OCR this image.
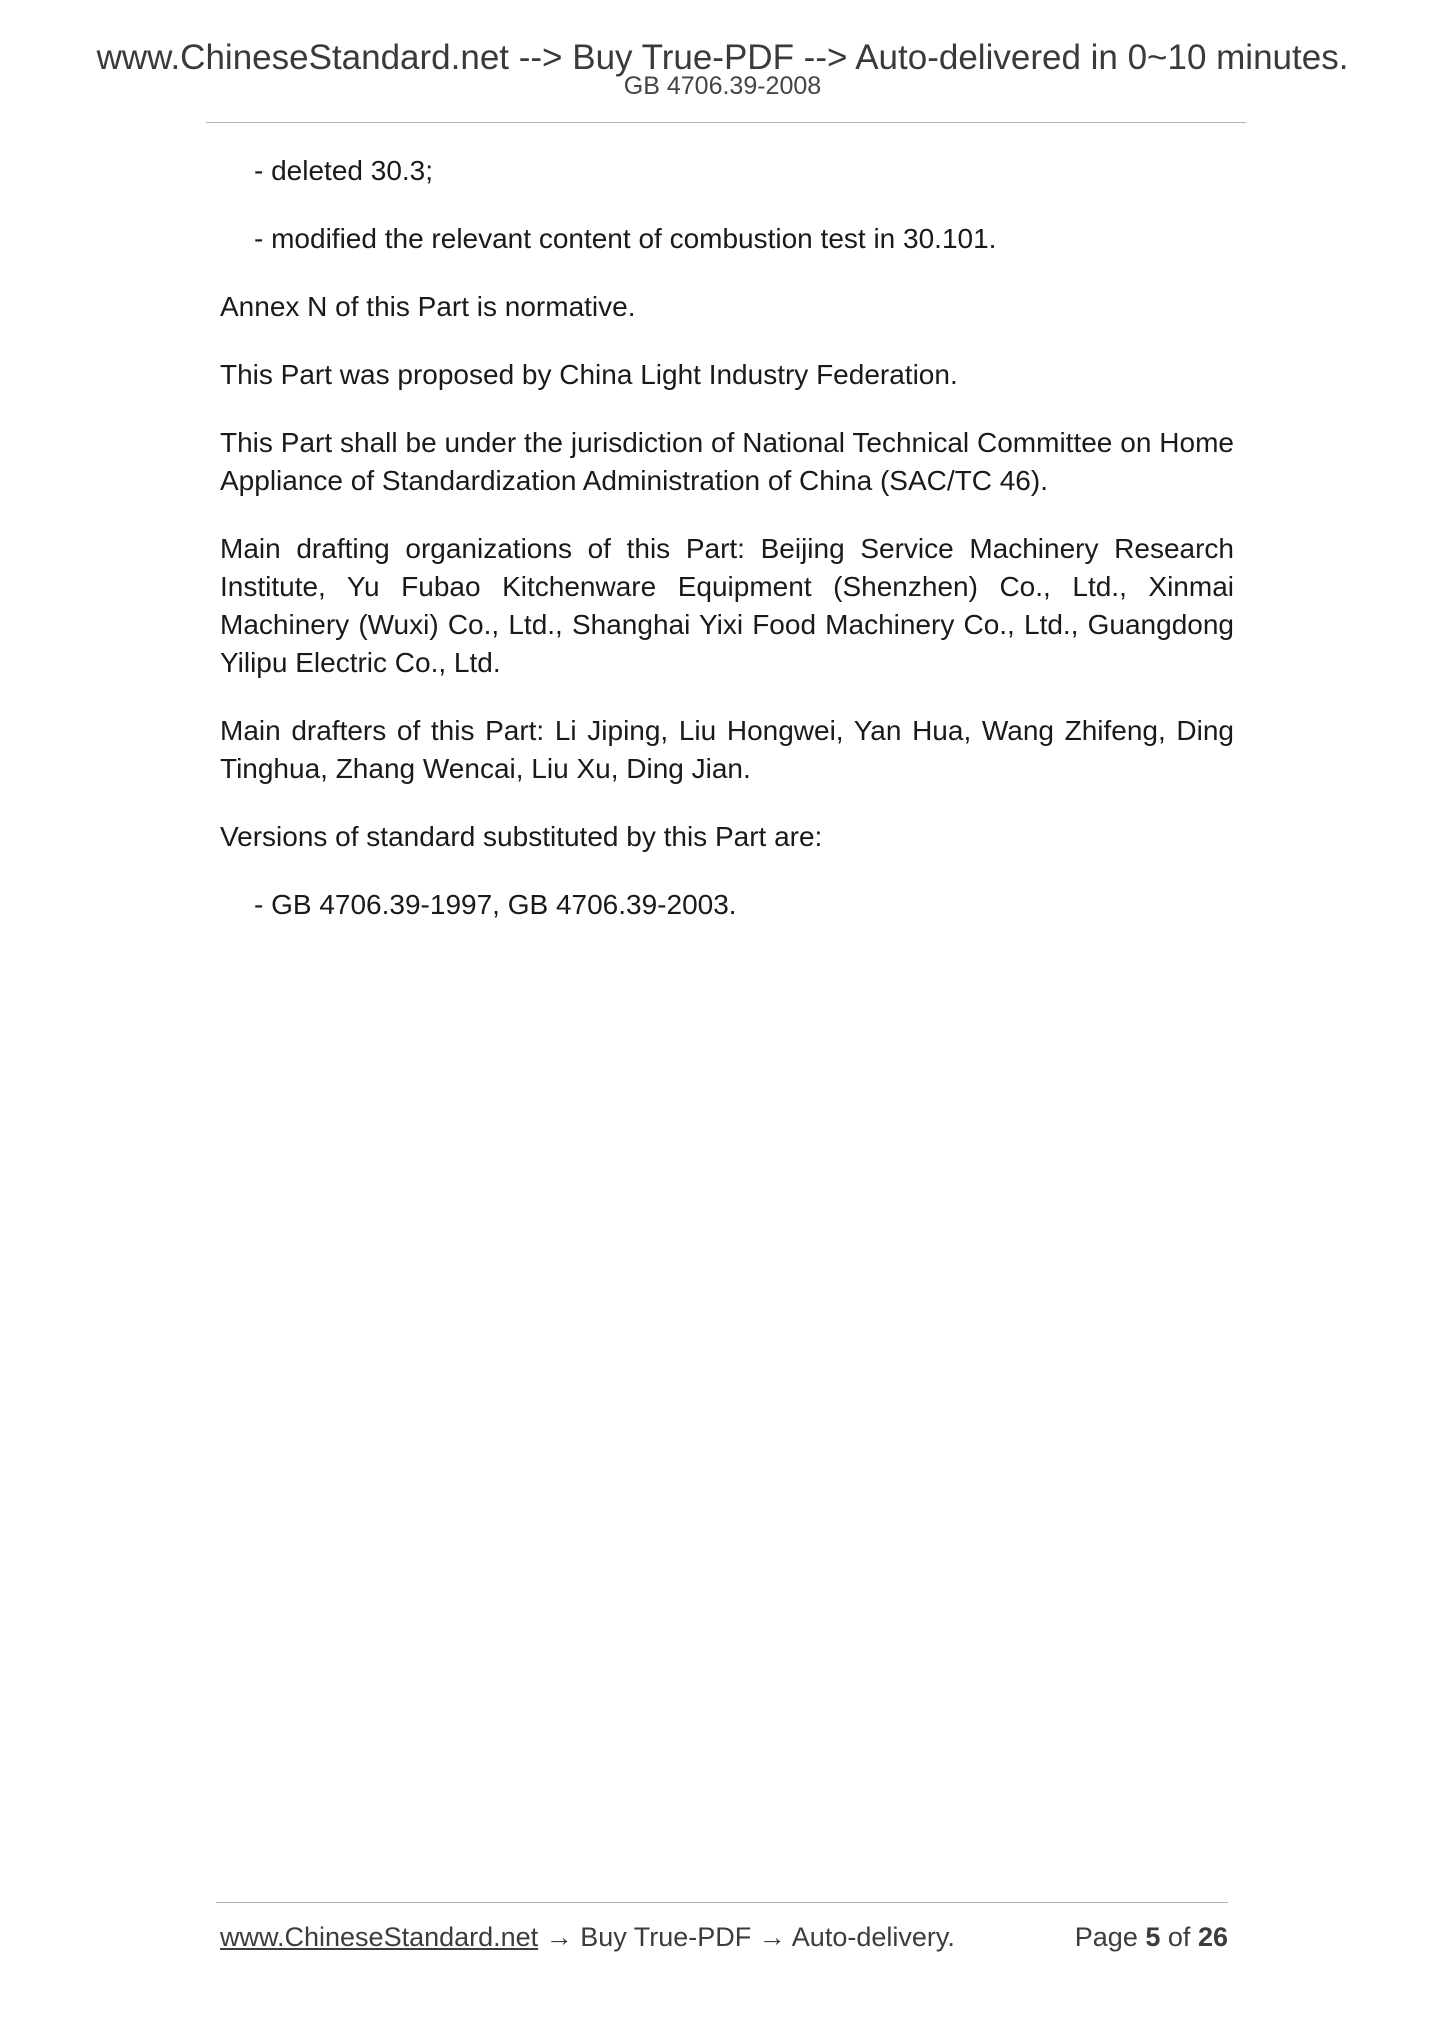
www.ChineseStandard.net --> Buy True-PDF --> Auto-delivered in 0~10 minutes.
GB 4706.39-2008

- deleted 30.3;

- modified the relevant content of combustion test in 30.101.

Annex N of this Part is normative.

This Part was proposed by China Light Industry Federation.

This Part shall be under the jurisdiction of National Technical Committee on Home Appliance of Standardization Administration of China (SAC/TC 46).

Main drafting organizations of this Part: Beijing Service Machinery Research Institute, Yu Fubao Kitchenware Equipment (Shenzhen) Co., Ltd., Xinmai Machinery (Wuxi) Co., Ltd., Shanghai Yixi Food Machinery Co., Ltd., Guangdong Yilipu Electric Co., Ltd.

Main drafters of this Part: Li Jiping, Liu Hongwei, Yan Hua, Wang Zhifeng, Ding Tinghua, Zhang Wencai, Liu Xu, Ding Jian.

Versions of standard substituted by this Part are:

- GB 4706.39-1997, GB 4706.39-2003.

www.ChineseStandard.net → Buy True-PDF → Auto-delivery.	Page 5 of 26
